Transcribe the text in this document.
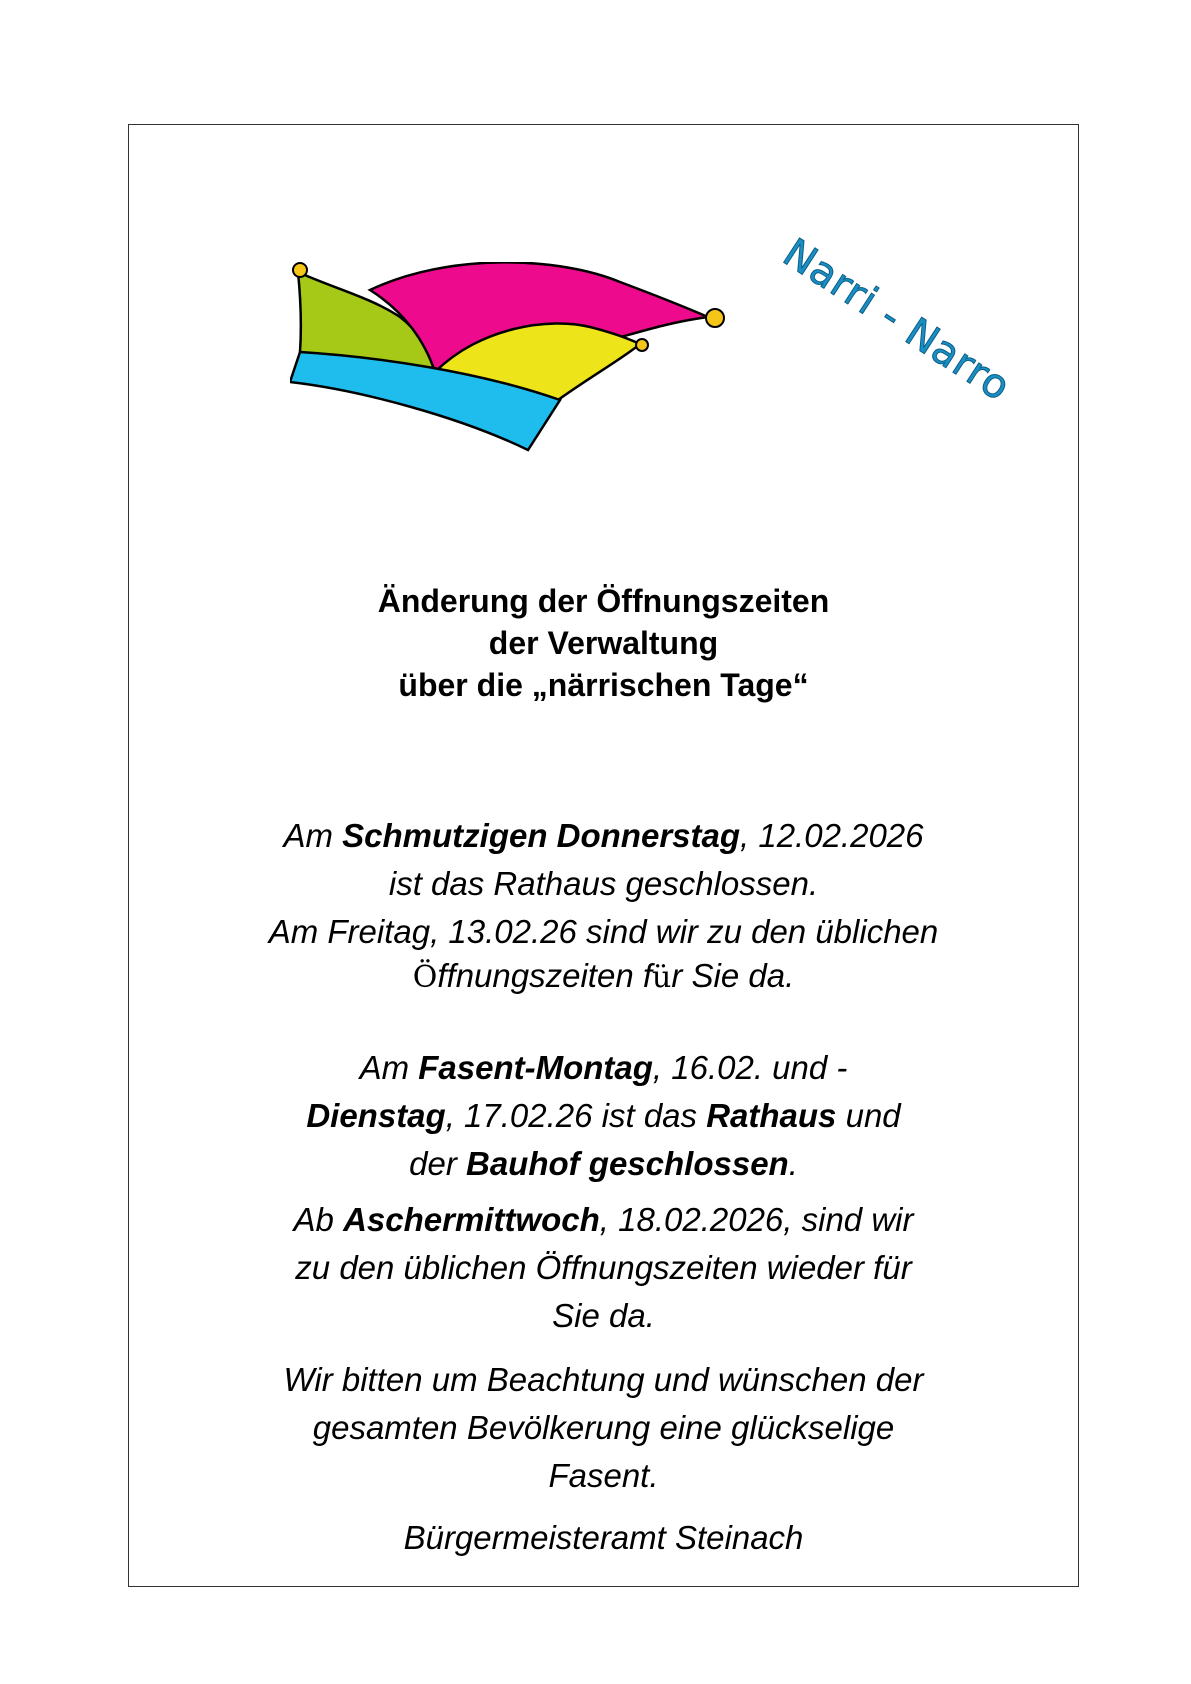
Narri - Narro
Änderung der Öffnungszeiten
der Verwaltung
über die „närrischen Tage“

Am Schmutzigen Donnerstag, 12.02.2026

ist das Rathaus geschlossen.

Am Freitag, 13.02.26 sind wir zu den üblichen

Öffnungszeiten für Sie da.

Am Fasent-Montag, 16.02. und -

Dienstag, 17.02.26 ist das Rathaus und

der Bauhof geschlossen.

Ab Aschermittwoch, 18.02.2026, sind wir

zu den üblichen Öffnungszeiten wieder für

Sie da.

Wir bitten um Beachtung und wünschen der

gesamten Bevölkerung eine glückselige

Fasent.

Bürgermeisteramt Steinach
